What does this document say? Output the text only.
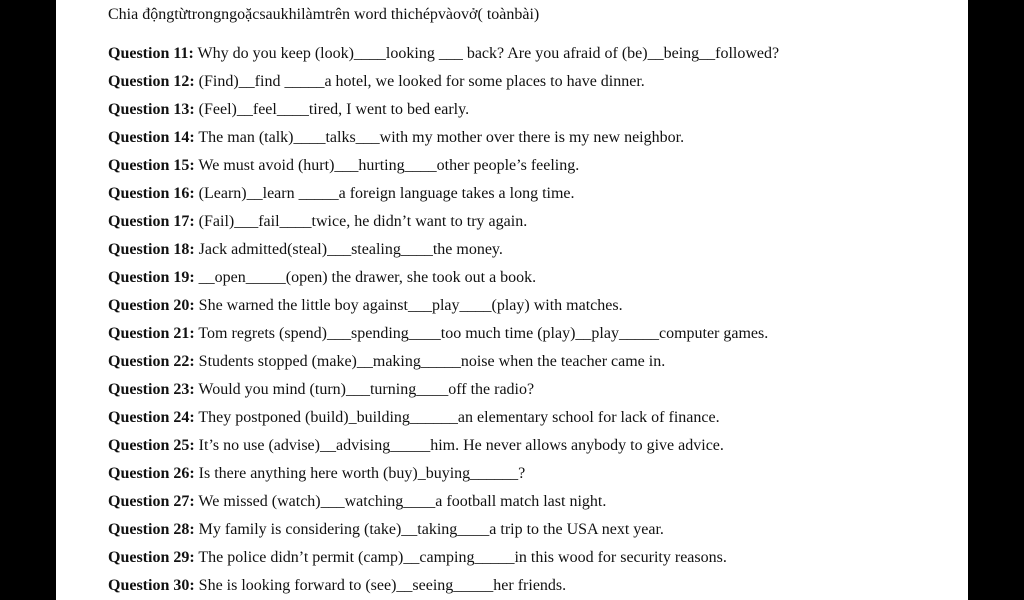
Chia độngtừtrongngoặcsaukhilàmtrên word thichépvàovở( toànbài)
Question 11: Why do you keep (look)____looking ___ back? Are you afraid of (be)__being__followed?
Question 12: (Find)__find _____a hotel, we looked for some places to have dinner.
Question 13: (Feel)__feel____tired, I went to bed early.
Question 14: The man (talk)____talks___with my mother over there is my new neighbor.
Question 15: We must avoid (hurt)___hurting____other people’s feeling.
Question 16: (Learn)__learn _____a foreign language takes a long time.
Question 17: (Fail)___fail____twice, he didn’t want to try again.
Question 18: Jack admitted(steal)___stealing____the money.
Question 19: __open_____(open) the drawer, she took out a book.
Question 20: She warned the little boy against___play____(play) with matches.
Question 21: Tom regrets (spend)___spending____too much time (play)__play_____computer games.
Question 22: Students stopped (make)__making_____noise when the teacher came in.
Question 23: Would you mind (turn)___turning____off the radio?
Question 24: They postponed (build)_building______an elementary school for lack of finance.
Question 25: It’s no use (advise)__advising_____him. He never allows anybody to give advice.
Question 26: Is there anything here worth (buy)_buying______?
Question 27: We missed (watch)___watching____a football match last night.
Question 28: My family is considering (take)__taking____a trip to the USA next year.
Question 29: The police didn’t permit (camp)__camping_____in this wood for security reasons.
Question 30: She is looking forward to (see)__seeing_____her friends.
